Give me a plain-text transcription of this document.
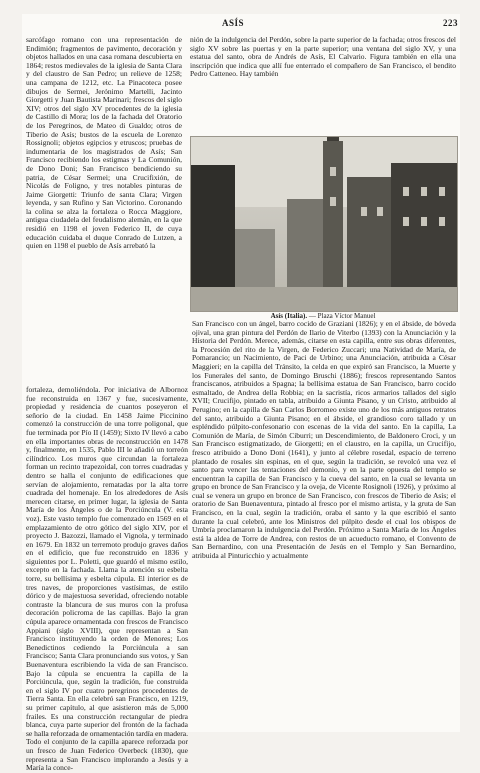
ASÍS	223

sarcófago romano con una representación de Endimión; fragmentos de pavimento, decoración y objetos hallados en una casa romana descubierta en 1864; restos medievales de la iglesia de Santa Clara y del claustro de San Pedro; un relieve de 1258; una campana de 1212, etc. La Pinacoteca posee dibujos de Sermei, Jerónimo Martelli, Jacinto Giorgetti y Juan Bautista Marinari; frescos del siglo XIV; otros del siglo XV procedentes de la iglesia de Castillo di Mora; los de la fachada del Oratorio de los Peregrinos, de Mateo di Gualdo; otros de Tiberio de Asís; bustos de la escuela de Lorenzo Rossignoli; objetos egipcios y etruscos; pruebas de indumentaria de los magistrados de Asís; San Francisco recibiendo los estigmas y La Comunión, de Dono Doni; San Francisco bendiciendo su patria, de César Sermei; una Crucifixión, de Nicolás de Foligno, y tres notables pinturas de Jaime Giorgetti: Triunfo de santa Clara; Virgen leyenda, y san Rufino y San Victorino. Coronando la colina se alza la fortaleza o Rocca Maggiore, antigua ciudadela del feudalismo alemán, en la que residió en 1198 el joven Federico II, de cuya educación cuidaba el duque Conrado de Lutzen, a quien en 1198 el pueblo de Asís arrebató la

nión de la indulgencia del Perdón, sobre la parte superior de la fachada; otros frescos del siglo XV sobre las puertas y en la parte superior; una ventana del siglo XV, y una estatua del santo, obra de Andrés de Asís, El Calvario. Figura también en ella una inscripción que indica que allí fue enterrado el compañero de San Francisco, el bendito Pedro Catteneo. Hay también

Asís (Italia). — Plaza Víctor Manuel

fortaleza, demoliéndola. Por iniciativa de Albornoz fue reconstruida en 1367 y fue, sucesivamente, propiedad y residencia de cuantos poseyeron el señorío de la ciudad. En 1458 Jaime Piccinino comenzó la construcción de una torre poligonal, que fue terminada por Pío II (1459); Sixto IV llevó a cabo en ella importantes obras de reconstrucción en 1478 y, finalmente, en 1535, Pablo III le añadió un torreón cilíndrico. Los muros que circundan la fortaleza forman un recinto trapezoidal, con torres cuadradas y dentro se halla el conjunto de edificaciones que servían de alojamiento, rematadas por la alta torre cuadrada del homenaje. En los alrededores de Asís merecen citarse, en primer lugar, la iglesia de Santa María de los Ángeles o de la Porciúncula (V. esta voz). Este vasto templo fue comenzado en 1569 en el emplazamiento de otro gótico del siglo XIV, por el proyecto J. Bazozzi, llamado el Vignola, y terminado en 1679. En 1832 un terremoto produjo graves daños en el edificio, que fue reconstruido en 1836 y siguientes por L. Poletti, que guardó el mismo estilo, excepto en la fachada. Llama la atención su esbelta torre, su bellísima y esbelta cúpula. El interior es de tres naves, de proporciones vastísimas, de estilo dórico y de majestuosa severidad, ofreciendo notable contraste la blancura de sus muros con la profusa decoración policroma de las capillas. Bajo la gran cúpula aparece ornamentada con frescos de Francisco Appiani (siglo XVIII), que representan a San Francisco instituyendo la orden de Menores; Los Benedictinos cediendo la Porciúncula a san Francisco; Santa Clara pronunciando sus votos, y San Buenaventura escribiendo la vida de san Francisco. Bajo la cúpula se encuentra la capilla de la Porciúncula, que, según la tradición, fue construida en el siglo IV por cuatro peregrinos procedentes de Tierra Santa. En ella celebró san Francisco, en 1219, su primer capítulo, al que asistieron más de 5,000 frailes. Es una construcción rectangular de piedra blanca, cuya parte superior del frontón de la fachada se halla reforzada de ornamentación tardía en madera. Todo el conjunto de la capilla aparece reforzada por un fresco de Juan Federico Overbeck (1830), que representa a San Francisco implorando a Jesús y a María la conce-

San Francisco con un ángel, barro cocido de Graziani (1826); y en el ábside, de bóveda ojival, una gran pintura del Perdón de Ilario de Viterbo (1393) con la Anunciación y la Historia del Perdón. Merece, además, citarse en esta capilla, entre sus obras diferentes, la Procesión del rito de la Virgen, de Federico Zuccari; una Natividad de María, de Pomarancio; un Nacimiento, de Paci de Urbino; una Anunciación, atribuida a César Maggieri; en la capilla del Tránsito, la celda en que expiró san Francisco, la Muerte y los Funerales del santo, de Domingo Bruschi (1886); frescos representando Santos franciscanos, atribuidos a Spagna; la bellísima estatua de San Francisco, barro cocido esmaltado, de Andrea della Robbia; en la sacristía, ricos armarios tallados del siglo XVII; Crucifijo, pintado en tabla, atribuido a Giunta Pisano, y un Cristo, atribuido al Perugino; en la capilla de San Carlos Borromeo existe uno de los más antiguos retratos del santo, atribuido a Giunta Pisano; en el ábside, el grandioso coro tallado y un espléndido púlpito-confesonario con escenas de la vida del santo. En la capilla, La Comunión de María, de Simón Ciburri; un Descendimiento, de Baldonero Croci, y un San Francisco estigmatizado, de Giorgetti; en el claustro, en la capilla, un Crucifijo, fresco atribuido a Dono Doni (1641), y junto al célebre rosedal, espacio de terreno plantado de rosales sin espinas, en el que, según la tradición, se revolcó una vez el santo para vencer las tentaciones del demonio, y en la parte opuesta del templo se encuentran la capilla de San Francisco y la cueva del santo, en la cual se levanta un grupo en bronce de San Francisco y la oveja, de Vicente Rosignoli (1926), y próximo al cual se venera un grupo en bronce de San Francisco, con frescos de Tiberio de Asís; el oratorio de San Buenaventura, pintado al fresco por el mismo artista, y la gruta de San Francisco, en la cual, según la tradición, oraba el santo y la que escribió el santo durante la cual celebró, ante los Ministros del púlpito desde el cual los obispos de Umbría proclamaron la indulgencia del Perdón. Próximo a Santa María de los Ángeles está la aldea de Torre de Andrea, con restos de un acueducto romano, el Convento de San Bernardino, con una Presentación de Jesús en el Templo y San Bernardino, atribuida al Pinturicchio y actualmente
